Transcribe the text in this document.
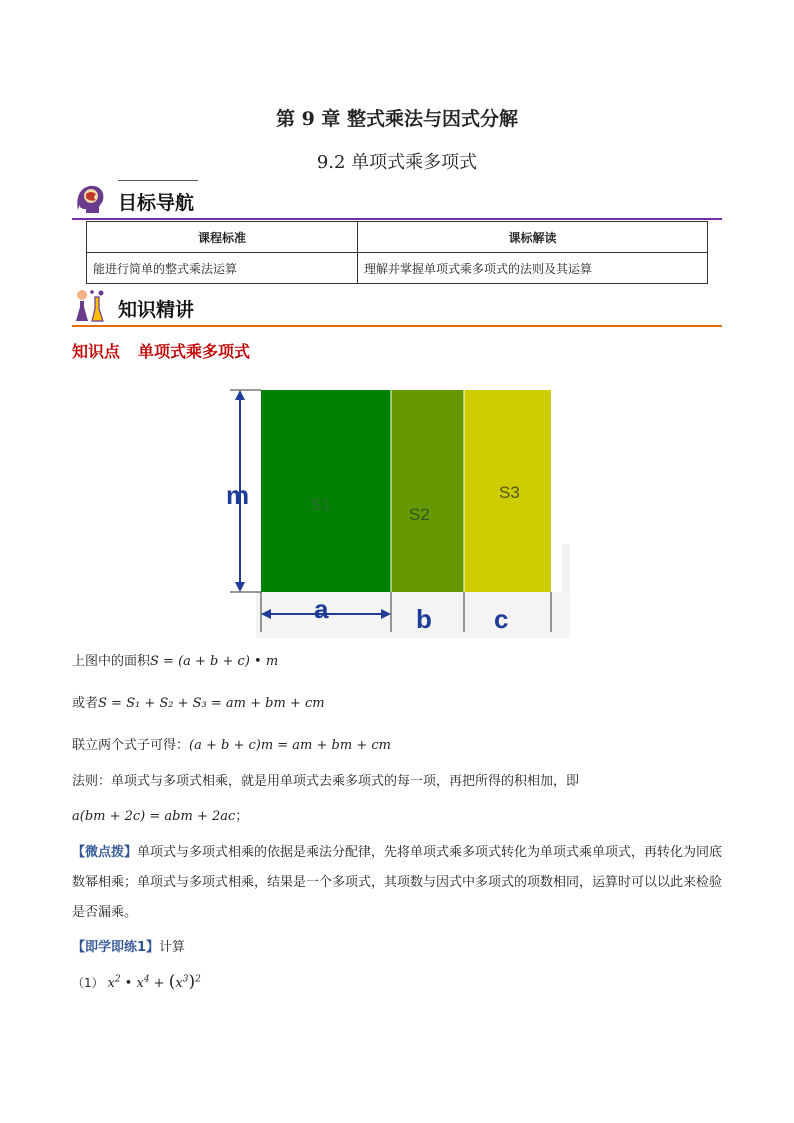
第 9 章 整式乘法与因式分解
9.2 单项式乘多项式
目标导航
课程标准	课标解读
能进行简单的整式乘法运算	理解并掌握单项式乘多项式的法则及其运算
知识精讲
知识点 单项式乘多项式
m
a	b c
S1
S2
S3
上图中的面积S = (a + b + c) • m
或者S = S₁ + S₂ + S₃ = am + bm + cm
联立两个式子可得：(a + b + c)m = am + bm + cm
法则：单项式与多项式相乘，就是用单项式去乘多项式的每一项，再把所得的积相加，即
a(bm + 2c) = abm + 2ac；
【微点拨】单项式与多项式相乘的依据是乘法分配律，先将单项式乘多项式转化为单项式乘单项式，再转化为同底数幂相乘；单项式与多项式相乘，结果是一个多项式，其项数与因式中多项式的项数相同，运算时可以以此来检验是否漏乘。
【即学即练1】计算
（1） $x^2$ • $x^4 + (x^3)^2$
